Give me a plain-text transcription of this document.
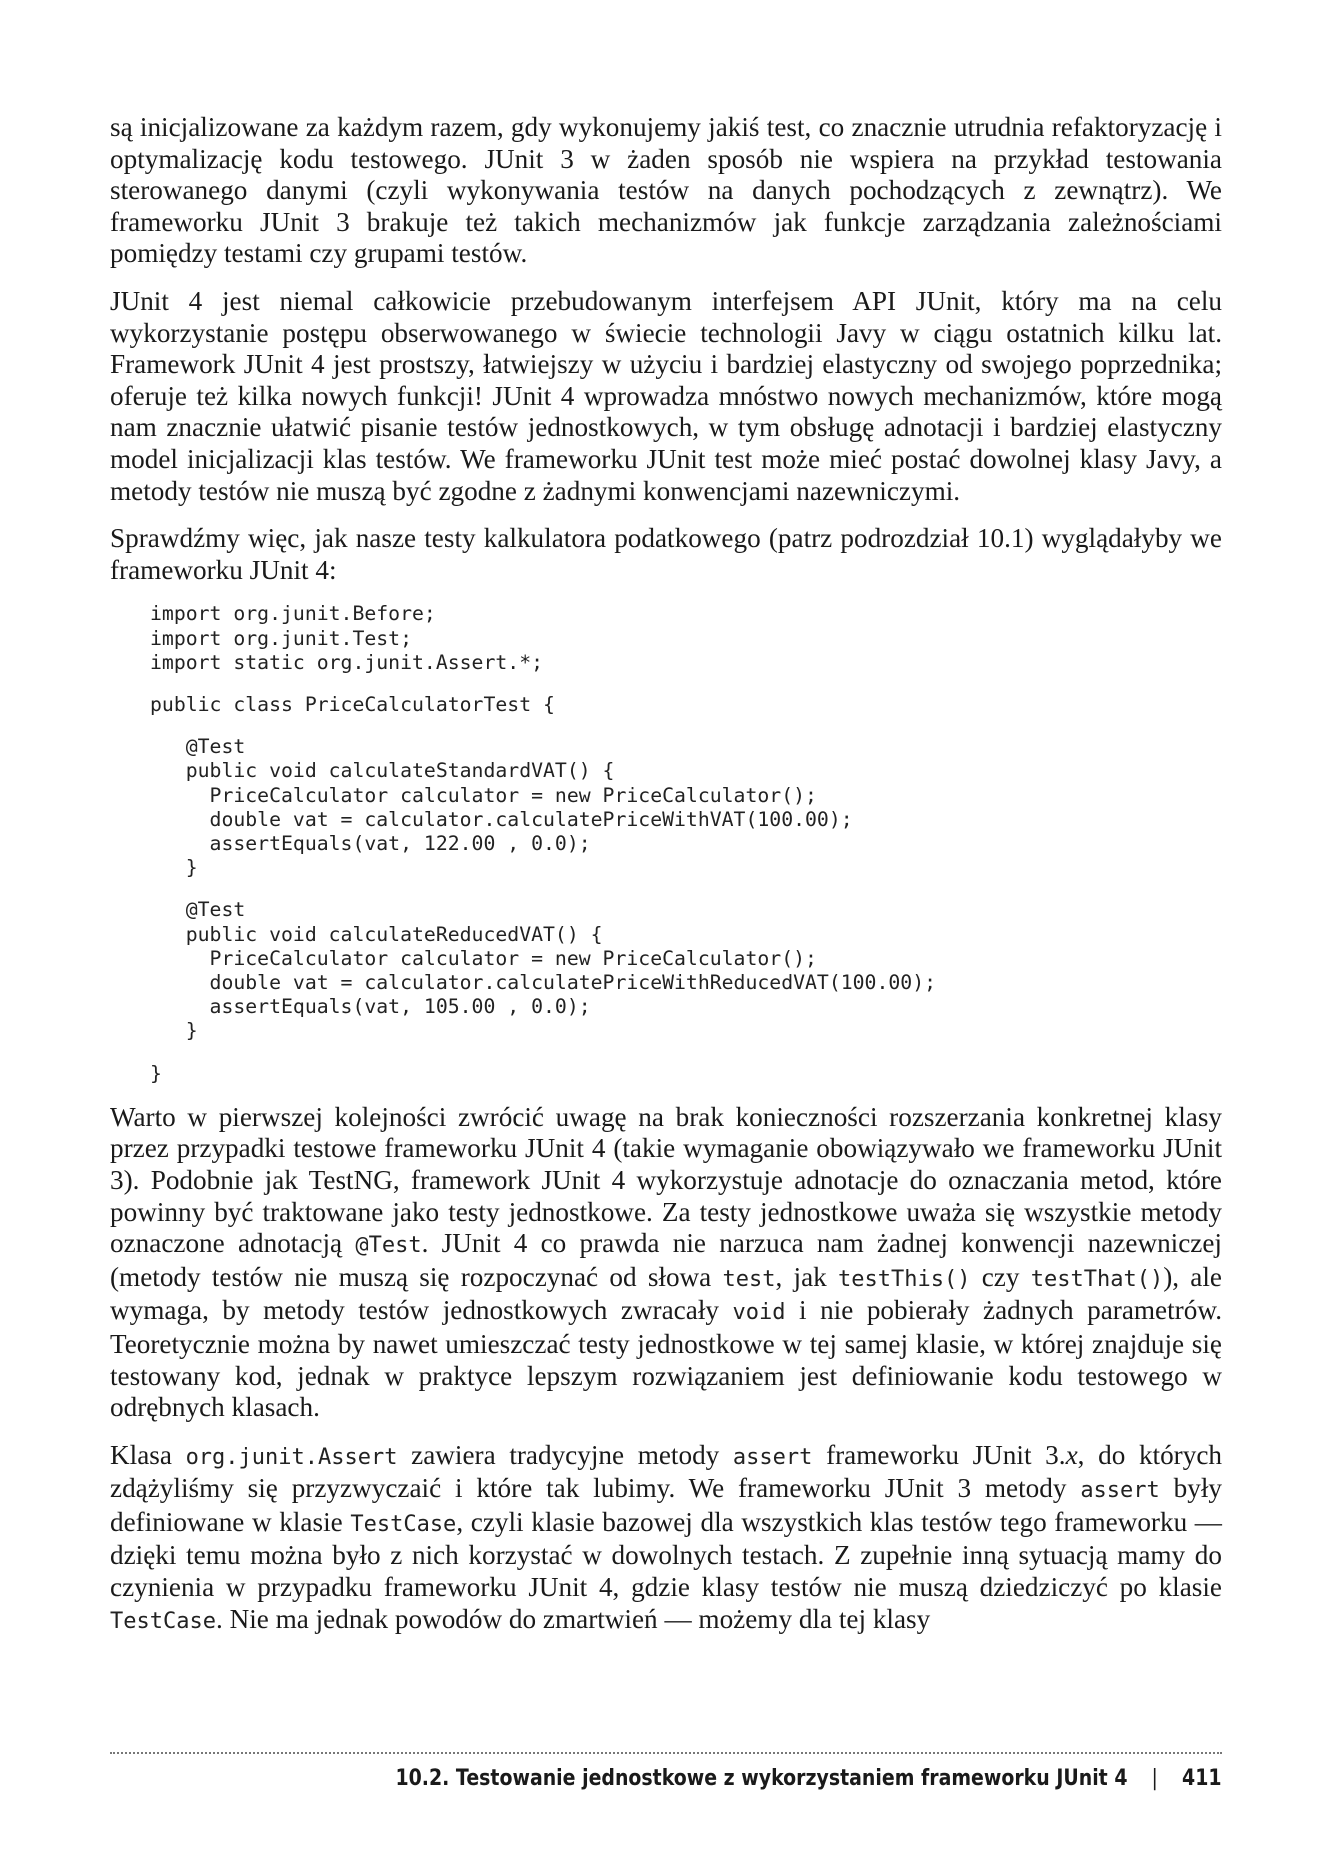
są inicjalizowane za każdym razem, gdy wykonujemy jakiś test, co znacznie utrudnia refaktoryzację i optymalizację kodu testowego. JUnit 3 w żaden sposób nie wspiera na przykład testowania sterowanego danymi (czyli wykonywania testów na danych pochodzących z zewnątrz). We frameworku JUnit 3 brakuje też takich mechanizmów jak funkcje zarządzania zależnościami pomiędzy testami czy grupami testów.

JUnit 4 jest niemal całkowicie przebudowanym interfejsem API JUnit, który ma na celu wykorzystanie postępu obserwowanego w świecie technologii Javy w ciągu ostatnich kilku lat. Framework JUnit 4 jest prostszy, łatwiejszy w użyciu i bardziej elastyczny od swojego poprzednika; oferuje też kilka nowych funkcji! JUnit 4 wprowadza mnóstwo nowych mechanizmów, które mogą nam znacznie ułatwić pisanie testów jednostkowych, w tym obsługę adnotacji i bardziej elastyczny model inicjalizacji klas testów. We frameworku JUnit test może mieć postać dowolnej klasy Javy, a metody testów nie muszą być zgodne z żadnymi konwencjami nazewniczymi.

Sprawdźmy więc, jak nasze testy kalkulatora podatkowego (patrz podrozdział 10.1) wyglądałyby we frameworku JUnit 4:

import org.junit.Before;
import org.junit.Test;
import static org.junit.Assert.*;
public class PriceCalculatorTest {
@Test
public void calculateStandardVAT() {
PriceCalculator calculator = new PriceCalculator();
double vat = calculator.calculatePriceWithVAT(100.00);
assertEquals(vat, 122.00 , 0.0);
}
@Test
public void calculateReducedVAT() {
PriceCalculator calculator = new PriceCalculator();
double vat = calculator.calculatePriceWithReducedVAT(100.00);
assertEquals(vat, 105.00 , 0.0);
}
}

Warto w pierwszej kolejności zwrócić uwagę na brak konieczności rozszerzania konkretnej klasy przez przypadki testowe frameworku JUnit 4 (takie wymaganie obowiązywało we frameworku JUnit 3). Podobnie jak TestNG, framework JUnit 4 wykorzystuje adnotacje do oznaczania metod, które powinny być traktowane jako testy jednostkowe. Za testy jednostkowe uważa się wszystkie metody oznaczone adnotacją @Test. JUnit 4 co prawda nie narzuca nam żadnej konwencji nazewniczej (metody testów nie muszą się rozpoczynać od słowa test, jak testThis() czy testThat()), ale wymaga, by metody testów jednostkowych zwracały void i nie pobierały żadnych parametrów. Teoretycznie można by nawet umieszczać testy jednostkowe w tej samej klasie, w której znajduje się testowany kod, jednak w praktyce lepszym rozwiązaniem jest definiowanie kodu testowego w odrębnych klasach.

Klasa org.junit.Assert zawiera tradycyjne metody assert frameworku JUnit 3.x, do których zdążyliśmy się przyzwyczaić i które tak lubimy. We frameworku JUnit 3 metody assert były definiowane w klasie TestCase, czyli klasie bazowej dla wszystkich klas testów tego frameworku — dzięki temu można było z nich korzystać w dowolnych testach. Z zupełnie inną sytuacją mamy do czynienia w przypadku frameworku JUnit 4, gdzie klasy testów nie muszą dziedziczyć po klasie TestCase. Nie ma jednak powodów do zmartwień — możemy dla tej klasy

10.2. Testowanie jednostkowe z wykorzystaniem frameworku JUnit 4 | 411
